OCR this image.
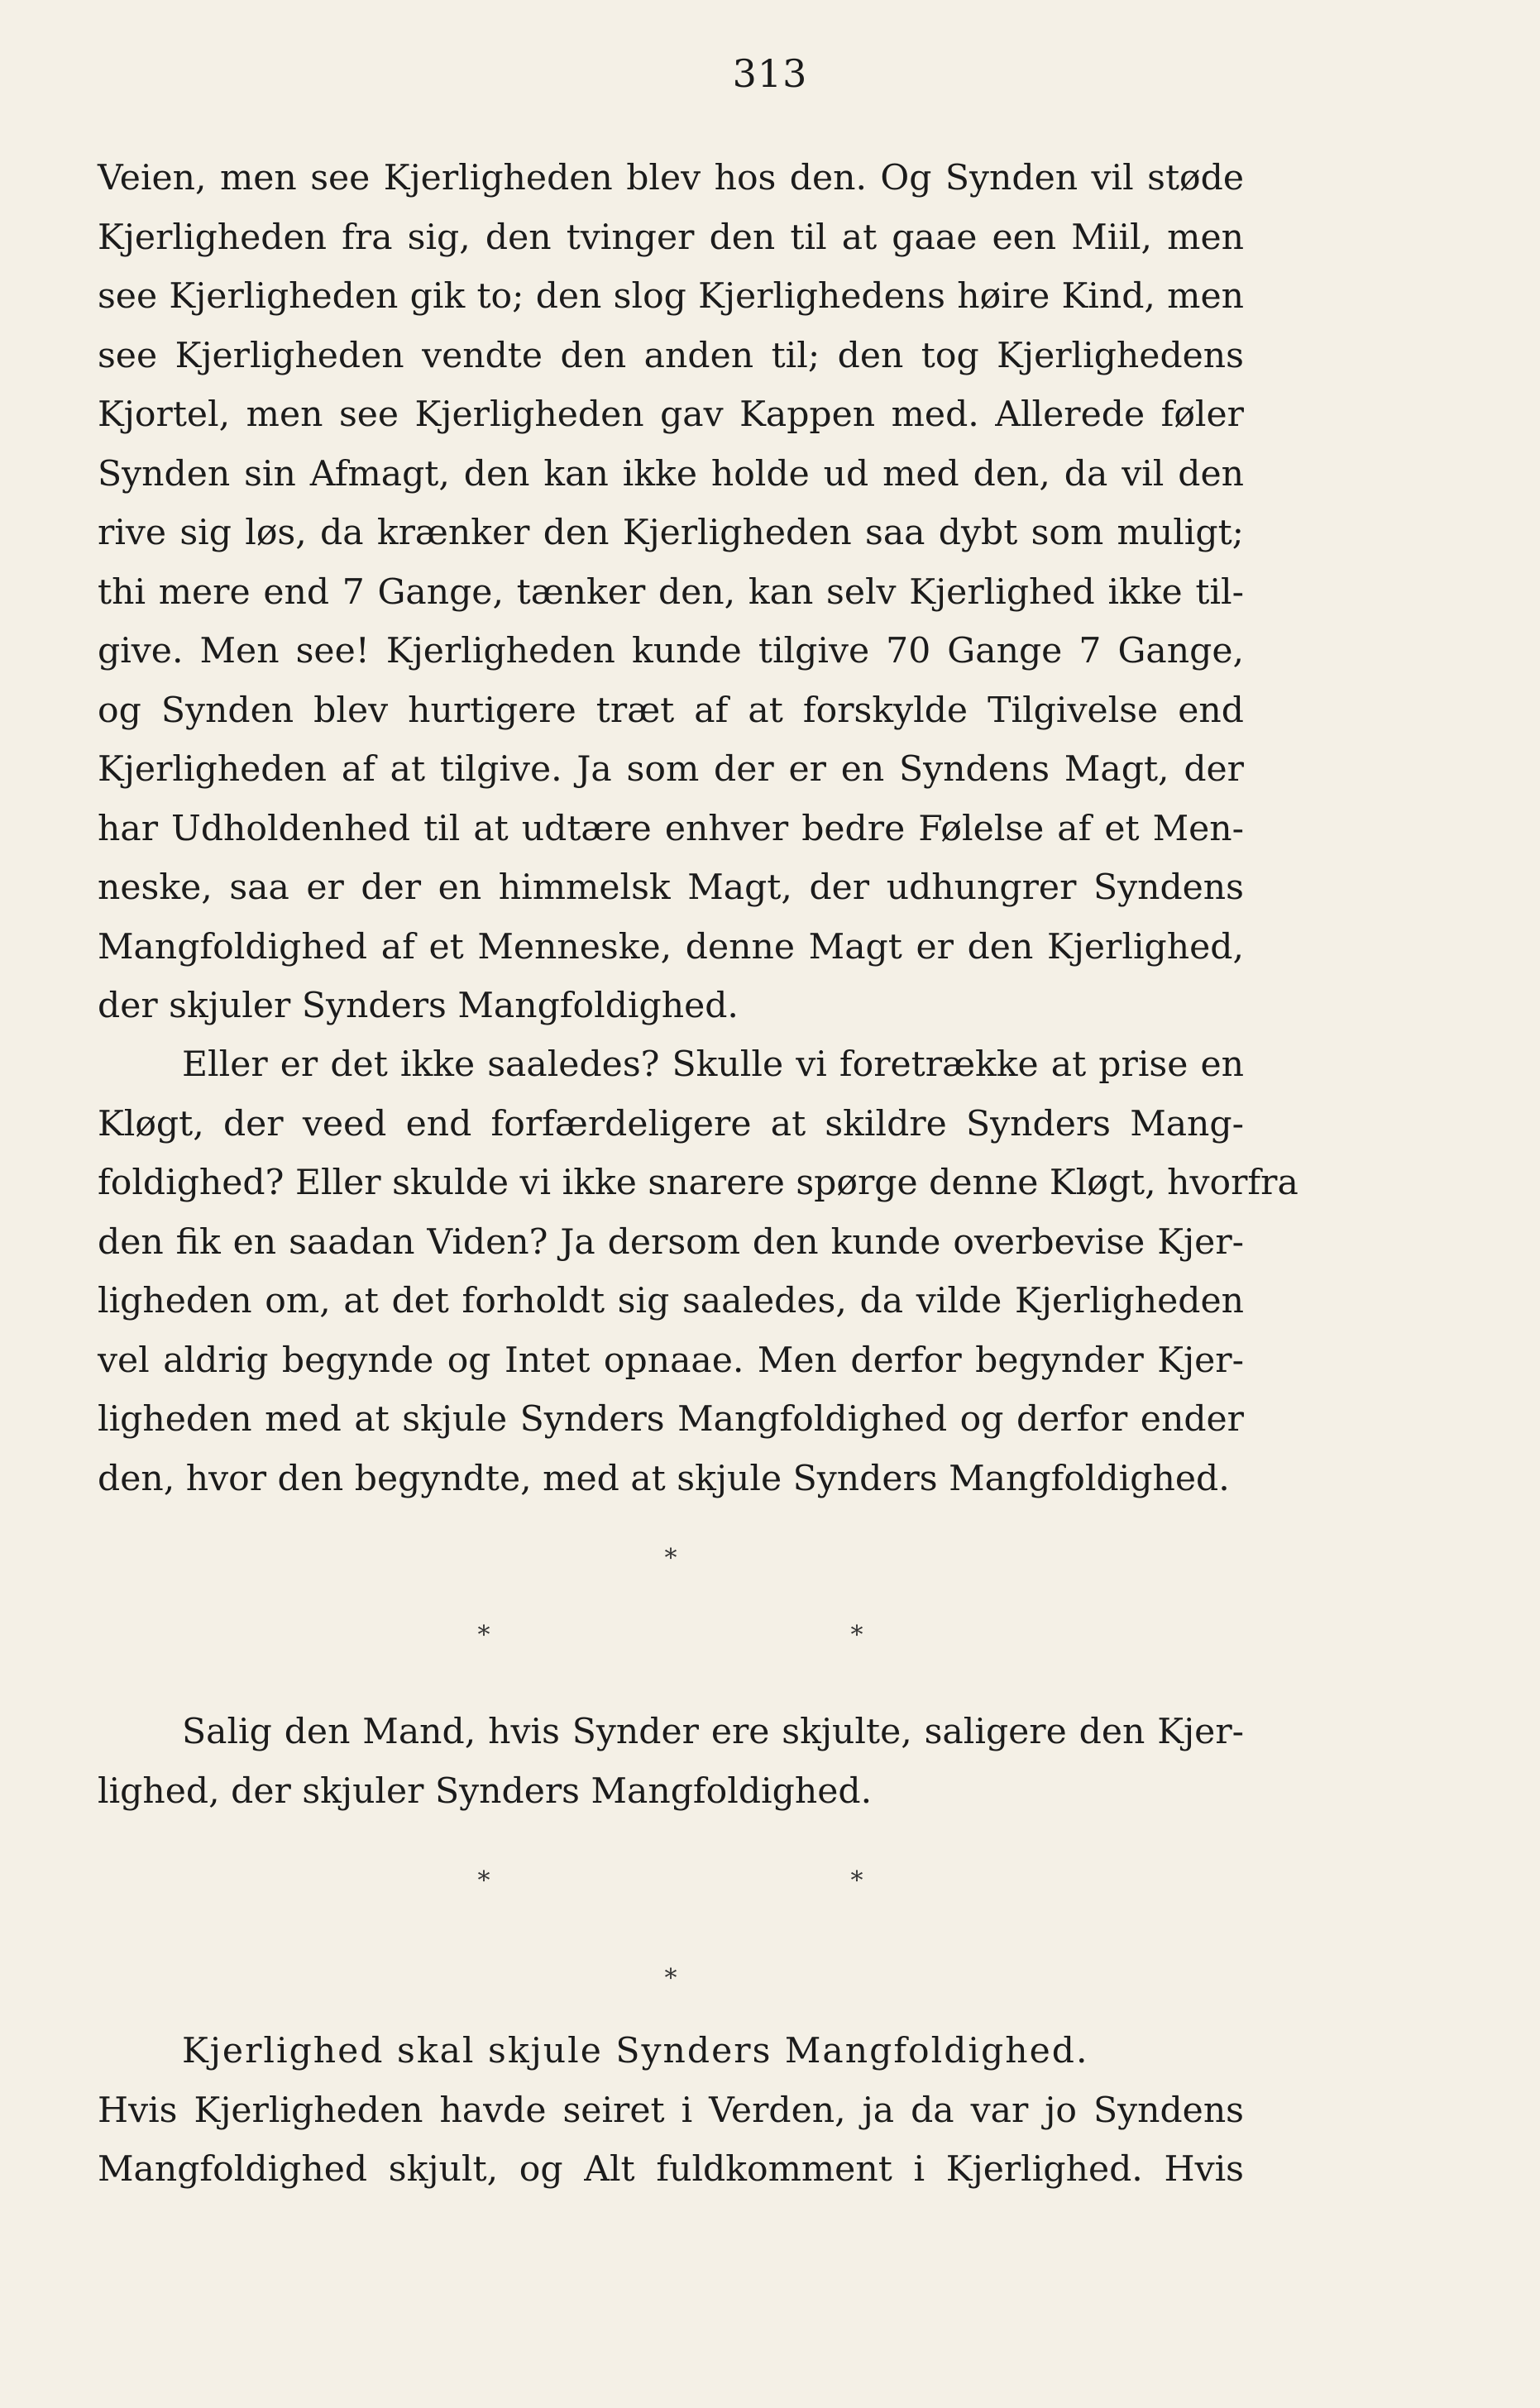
313
Veien, men see Kjerligheden blev hos den. Og Synden vil støde
Kjerligheden fra sig, den tvinger den til at gaae een Miil, men
see Kjerligheden gik to; den slog Kjerlighedens høire Kind, men
see Kjerligheden vendte den anden til; den tog Kjerlighedens
Kjortel, men see Kjerligheden gav Kappen med. Allerede føler
Synden sin Afmagt, den kan ikke holde ud med den, da vil den
rive sig løs, da krænker den Kjerligheden saa dybt som muligt;
thi mere end 7 Gange, tænker den, kan selv Kjerlighed ikke til-
give. Men see! Kjerligheden kunde tilgive 70 Gange 7 Gange,
og Synden blev hurtigere træt af at forskylde Tilgivelse end
Kjerligheden af at tilgive. Ja som der er en Syndens Magt, der
har Udholdenhed til at udtære enhver bedre Følelse af et Men-
neske, saa er der en himmelsk Magt, der udhungrer Syndens
Mangfoldighed af et Menneske, denne Magt er den Kjerlighed,
der skjuler Synders Mangfoldighed.
Eller er det ikke saaledes? Skulle vi foretrække at prise en
Kløgt, der veed end forfærdeligere at skildre Synders Mang-
foldighed? Eller skulde vi ikke snarere spørge denne Kløgt, hvorfra
den fik en saadan Viden? Ja dersom den kunde overbevise Kjer-
ligheden om, at det forholdt sig saaledes, da vilde Kjerligheden
vel aldrig begynde og Intet opnaae. Men derfor begynder Kjer-
ligheden med at skjule Synders Mangfoldighed og derfor ender
den, hvor den begyndte, med at skjule Synders Mangfoldighed.
*
*	*
Salig den Mand, hvis Synder ere skjulte, saligere den Kjer-
lighed, der skjuler Synders Mangfoldighed.
*	*
*
Kjerlighed skal skjule Synders Mangfoldighed.
Hvis Kjerligheden havde seiret i Verden, ja da var jo Syndens
Mangfoldighed skjult, og Alt fuldkomment i Kjerlighed. Hvis
